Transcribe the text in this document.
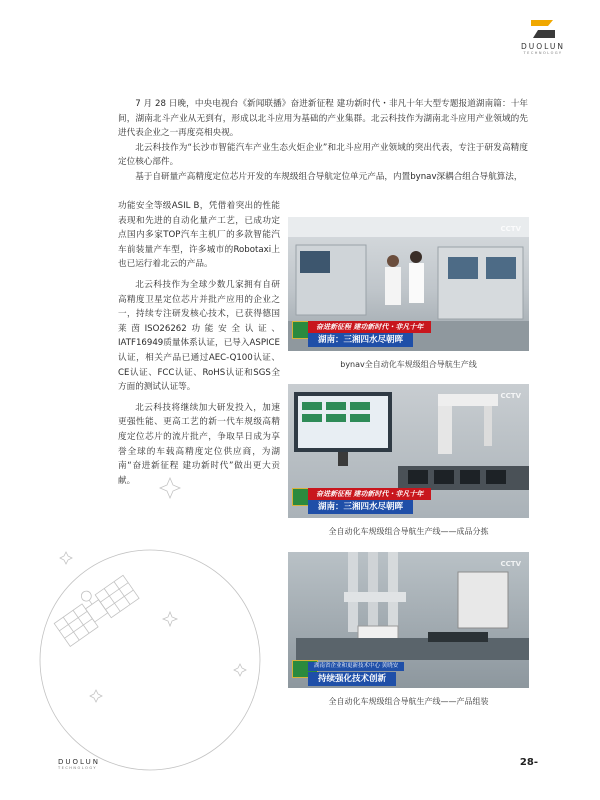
DUOLUN
TECHNOLOGY

7 月 28 日晚，中央电视台《新闻联播》奋进新征程 建功新时代・非凡十年大型专题报道湖南篇：十年间，湖南北斗产业从无到有，形成以北斗应用为基础的产业集群。北云科技作为湖南北斗应用产业领域的先进代表企业之一再度亮相央视。

北云科技作为“长沙市智能汽车产业生态火炬企业”和北斗应用产业领域的突出代表，专注于研发高精度定位核心部件。

基于自研量产高精度定位芯片开发的车规级组合导航定位单元产品，内置bynav深耦合组合导航算法，

功能安全等级ASIL B，凭借着突出的性能表现和先进的自动化量产工艺，已成功定点国内多家TOP汽车主机厂的多款智能汽车前装量产车型，许多城市的Robotaxi上也已运行着北云的产品。

北云科技作为全球少数几家拥有自研高精度卫星定位芯片并批产应用的企业之一，持续专注研发核心技术，已获得德国莱茵ISO26262功能安全认证、IATF16949质量体系认证，已导入ASPICE认证，相关产品已通过AEC-Q100认证、CE认证、FCC认证、RoHS认证和SGS全方面的测试认证等。

北云科技将继续加大研发投入，加速更强性能、更高工艺的新一代车规级高精度定位芯片的流片批产，争取早日成为享誉全球的车载高精度定位供应商，为湖南“奋进新征程 建功新时代”做出更大贡献。

CCTV
奋进新征程 建功新时代・非凡十年
湖南：三湘四水尽朝晖
bynav全自动化车规级组合导航生产线
CCTV
奋进新征程 建功新时代・非凡十年
湖南：三湘四水尽朝晖
全自动化车规级组合导航生产线——成品分拣
CCTV
湖南省企业和更新技术中心 黄晓安
持续强化技术创新
全自动化车规级组合导航生产线——产品组装
DUOLUN
TECHNOLOGY	28-
